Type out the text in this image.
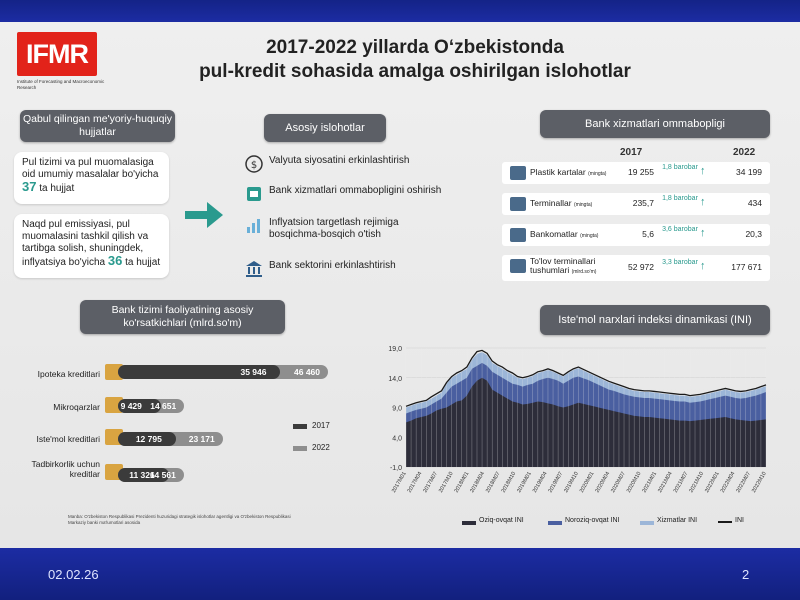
IFMR
Institute of Forecasting and Macroeconomic Research
2017-2022 yillarda O‘zbekistonda
pul-kredit sohasida amalga oshirilgan islohotlar
Qabul qilingan me'yoriy-huquqiy hujjatlar
Pul tizimi va pul muomalasiga oid umumiy masalalar bo'yicha 37 ta hujjat
Naqd pul emissiyasi, pul muomalasini tashkil qilish va tartibga solish, shuningdek, inflyatsiya bo'yicha 36 ta hujjat
Asosiy islohotlar
$ Valyuta siyosatini erkinlashtirish
Bank xizmatlari ommabopligini oshirish
Inflyatsion targetlash rejimiga bosqichma-bosqich o'tish
Bank sektorini erkinlashtirish
Bank xizmatlari ommabopligi
2017	2022
Plastik kartalar (mingta)	19 255 1,8 barobar ↑	34 199
Terminallar (mingta)	235,7 1,8 barobar ↑	434
Bankomatlar (mingta)	5,6 3,6 barobar ↑	20,3
To'lov terminallari tushumlari (mlrd.so'm)	52 972 3,3 barobar ↑	177 671
Bank tizimi faoliyatining asosiy ko'rsatkichlari (mlrd.so'm)
Ipoteka kreditlari	35 946	46 460
Mikroqarzlar 9 429 14 651
Iste'mol kreditlari	12 795	23 171
Tadbirkorlik uchun kreditlar	11 326
14 561
2017
2022
Manba: O'zbekiston Respublikasi Prezidenti huzuridagi strategik islohotlar agentligi va O'zbekiston Respublikasi Markaziy banki ma'lumotlari asosida
Iste'mol narxlari indeksi dinamikasi (INI)
19,0
14,0
9,0
4,0
-1,0
2017M01
2017M04
2017M07
2017M10
2018M01
2018M04
2018M07
2018M10
2019M01
2019M04
2019M07
2019M10
2020M01
2020M04
2020M07
2020M10
2021M01
2021M04
2021M07
2021M10
2022M01
2022M04
2022M07
2022M10
Oziq-ovqat INI	Noroziq-ovqat INI	Xizmatlar INI	INI
02.02.26	2
